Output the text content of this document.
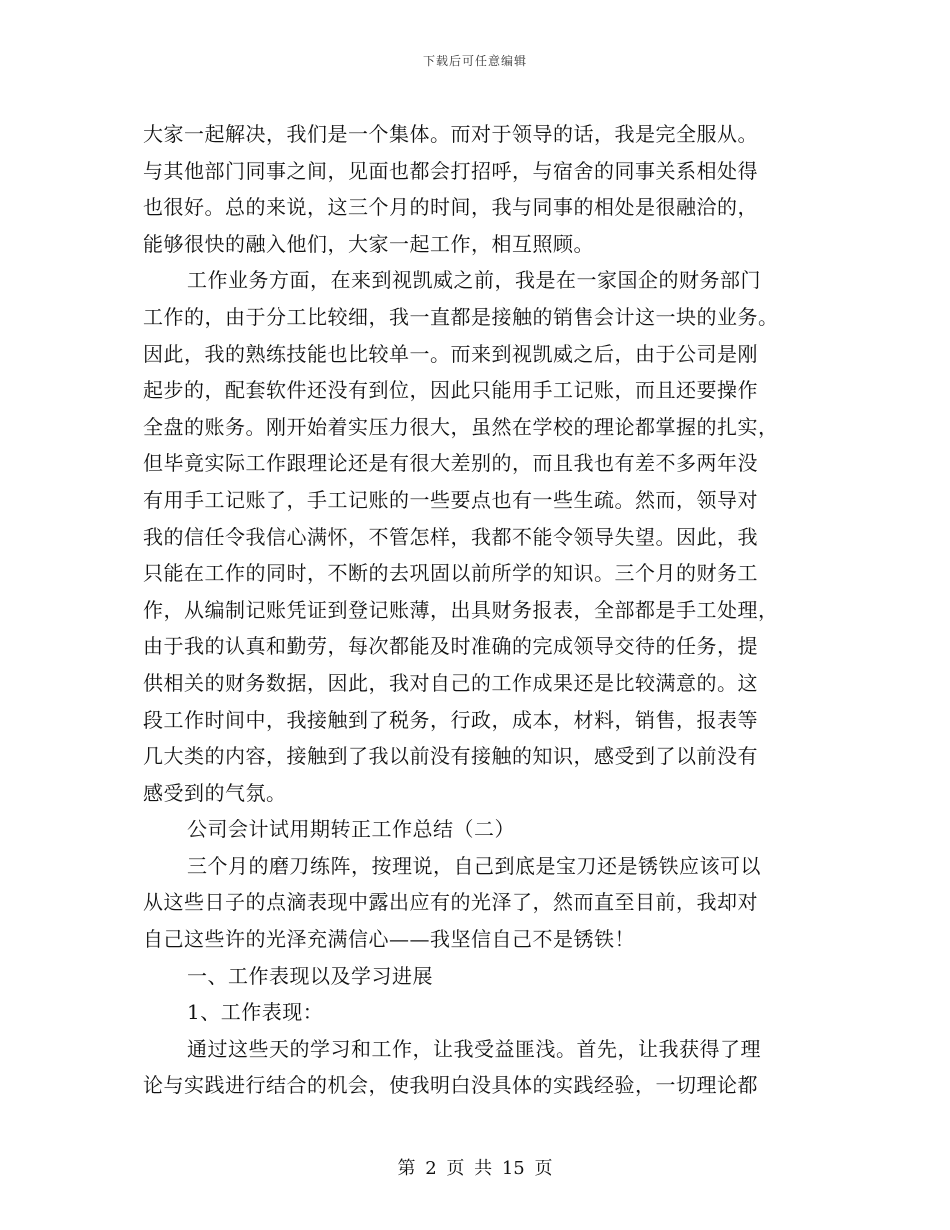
下载后可任意编辑
大家一起解决，我们是一个集体。而对于领导的话，我是完全服从。
与其他部门同事之间，见面也都会打招呼，与宿舍的同事关系相处得
也很好。总的来说，这三个月的时间，我与同事的相处是很融洽的，
能够很快的融入他们，大家一起工作，相互照顾。
工作业务方面，在来到视凯威之前，我是在一家国企的财务部门
工作的，由于分工比较细，我一直都是接触的销售会计这一块的业务。
因此，我的熟练技能也比较单一。而来到视凯威之后，由于公司是刚
起步的，配套软件还没有到位，因此只能用手工记账，而且还要操作
全盘的账务。刚开始着实压力很大，虽然在学校的理论都掌握的扎实，
但毕竟实际工作跟理论还是有很大差别的，而且我也有差不多两年没
有用手工记账了，手工记账的一些要点也有一些生疏。然而，领导对
我的信任令我信心满怀，不管怎样，我都不能令领导失望。因此，我
只能在工作的同时，不断的去巩固以前所学的知识。三个月的财务工
作，从编制记账凭证到登记账薄，出具财务报表，全部都是手工处理，
由于我的认真和勤劳，每次都能及时准确的完成领导交待的任务，提
供相关的财务数据，因此，我对自己的工作成果还是比较满意的。这
段工作时间中，我接触到了税务，行政，成本，材料，销售，报表等
几大类的内容，接触到了我以前没有接触的知识，感受到了以前没有
感受到的气氛。
公司会计试用期转正工作总结（二）
三个月的磨刀练阵，按理说，自己到底是宝刀还是锈铁应该可以
从这些日子的点滴表现中露出应有的光泽了，然而直至目前，我却对
自己这些许的光泽充满信心——我坚信自己不是锈铁！
一、工作表现以及学习进展
1、工作表现：
通过这些天的学习和工作，让我受益匪浅。首先，让我获得了理
论与实践进行结合的机会，使我明白没具体的实践经验，一切理论都
第 2 页 共 15 页
